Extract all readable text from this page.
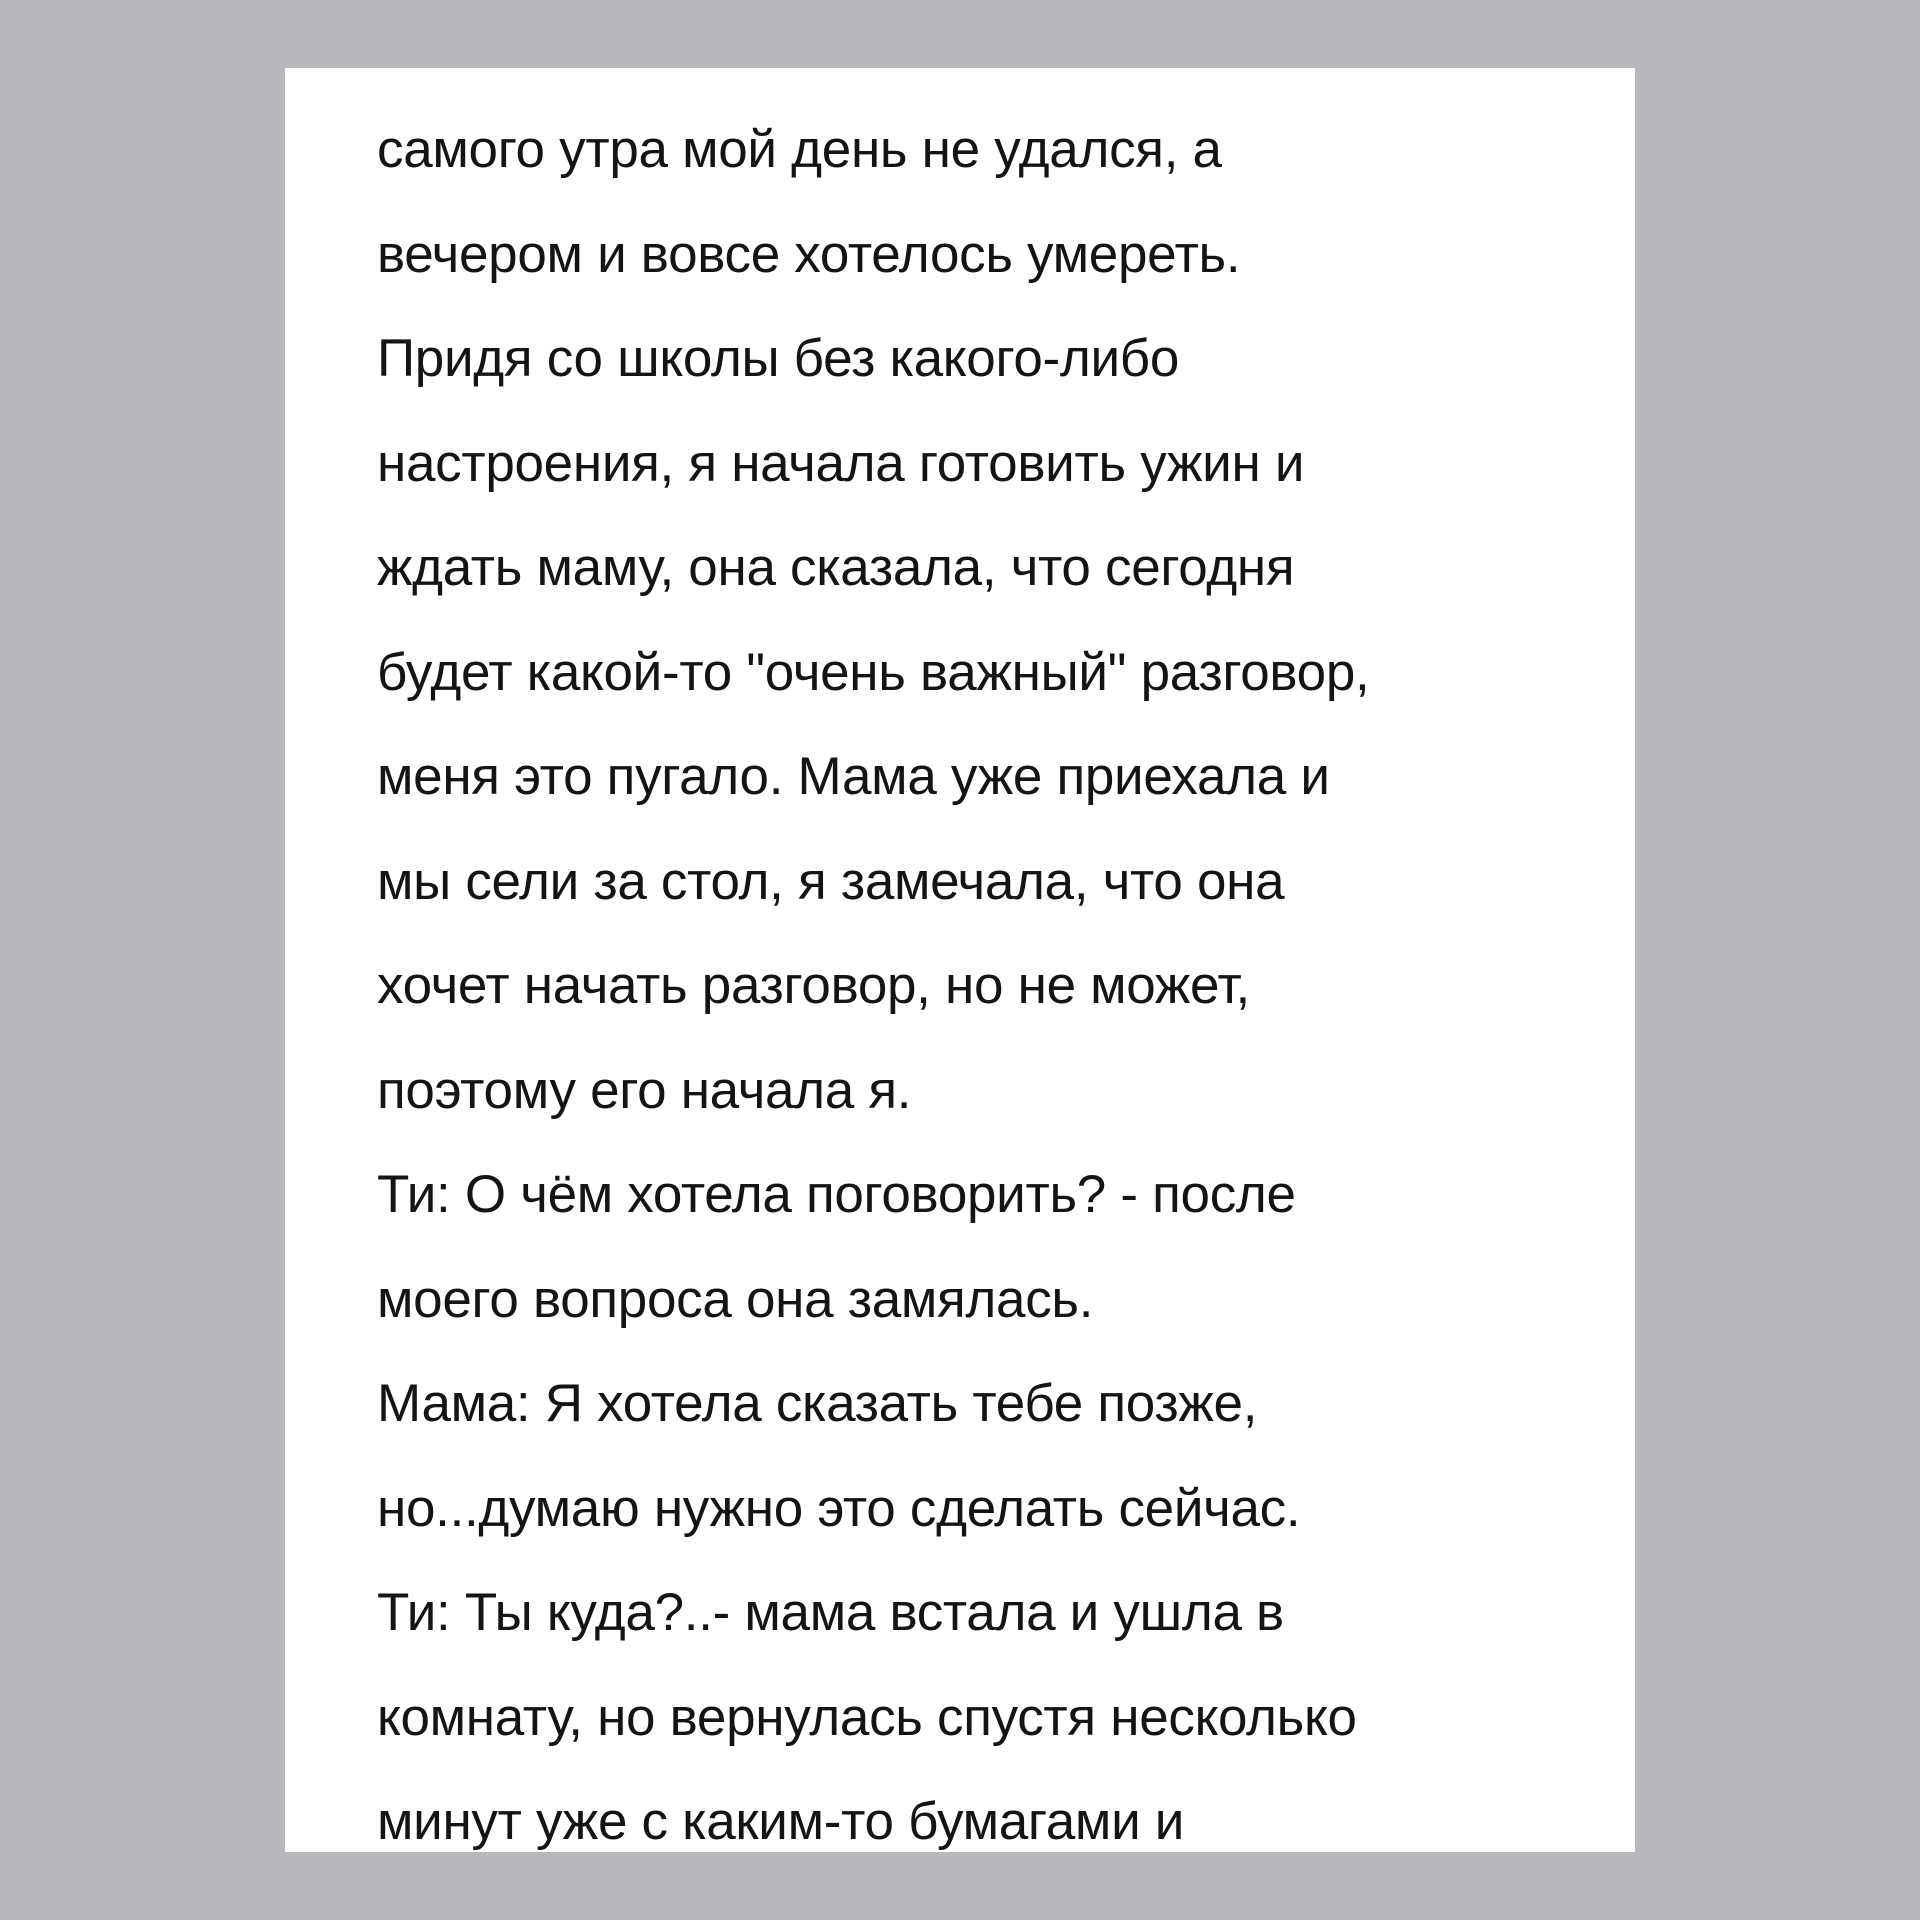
самого утра мой день не удался, а
вечером и вовсе хотелось умереть.
Придя со школы без какого-либо
настроения, я начала готовить ужин и
ждать маму, она сказала, что сегодня
будет какой-то "очень важный" разговор,
меня это пугало. Мама уже приехала и
мы сели за стол, я замечала, что она
хочет начать разговор, но не может,
поэтому его начала я.
Ти: О чём хотела поговорить? - после
моего вопроса она замялась.
Мама: Я хотела сказать тебе позже,
но...думаю нужно это сделать сейчас.
Ти: Ты куда?..- мама встала и ушла в
комнату, но вернулась спустя несколько
минут уже с каким-то бумагами и
